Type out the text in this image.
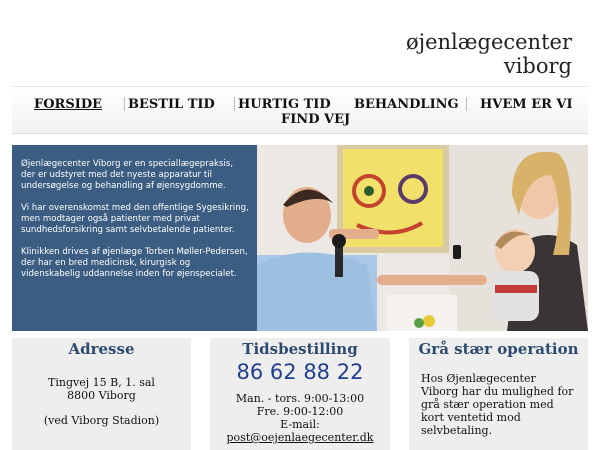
øjenlægecenter
viborg
FORSIDE BESTIL TID HURTIG TID BEHANDLING HVEM ER VI
FIND VEJ

Øjenlægecenter Viborg er en speciallægepraksis, der er udstyret med det nyeste apparatur til undersøgelse og behandling af øjensygdomme.

Vi har overenskomst med den offentlige Sygesikring, men modtager også patienter med privat sundhedsforsikring samt selvbetalende patienter.

Klinikken drives af øjenlæge Torben Møller-Pedersen, der har en bred medicinsk, kirurgisk og videnskabelig uddannelse inden for øjenspecialet.

Adresse
Tingvej 15 B, 1. sal
8800 Viborg
(ved Viborg Stadion)
Tidsbestilling
86 62 88 22
Man. - tors. 9:00-13:00
Fre. 9:00-12:00
E-mail:
post@oejenlaegecenter.dk
Grå stær operation
Hos Øjenlægecenter Viborg har du mulighed for grå stær operation med kort ventetid mod selvbetaling.
